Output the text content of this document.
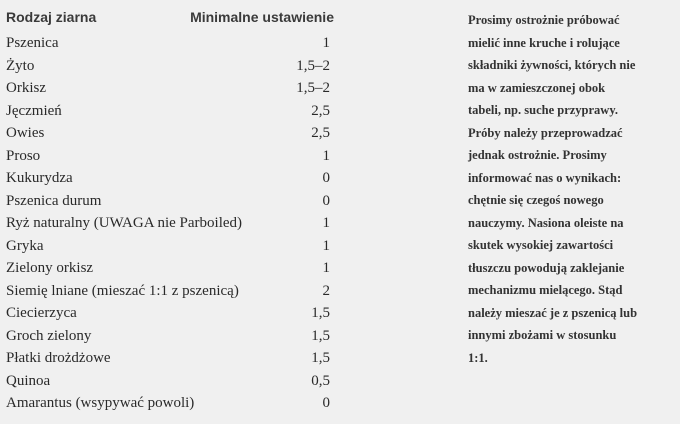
Rodzaj ziarna	Minimalne ustawienie
Pszenica	1
Żyto	1,5–2
Orkisz	1,5–2
Jęczmień	2,5
Owies	2,5
Proso	1
Kukurydza	0
Pszenica durum	0
Ryż naturalny (UWAGA nie Parboiled)	1
Gryka	1
Zielony orkisz	1
Siemię lniane (mieszać 1:1 z pszenicą)	2
Ciecierzyca	1,5
Groch zielony	1,5
Płatki drożdżowe	1,5
Quinoa	0,5
Amarantus (wsypywać powoli)	0
Prosimy ostrożnie próbować
mielić inne kruche i rolujące
składniki żywności, których nie
ma w zamieszczonej obok
tabeli, np. suche przyprawy.
Próby należy przeprowadzać
jednak ostrożnie. Prosimy
informować nas o wynikach:
chętnie się czegoś nowego
nauczymy. Nasiona oleiste na
skutek wysokiej zawartości
tłuszczu powodują zaklejanie
mechanizmu mielącego. Stąd
należy mieszać je z pszenicą lub
innymi zbożami w stosunku
1:1.
